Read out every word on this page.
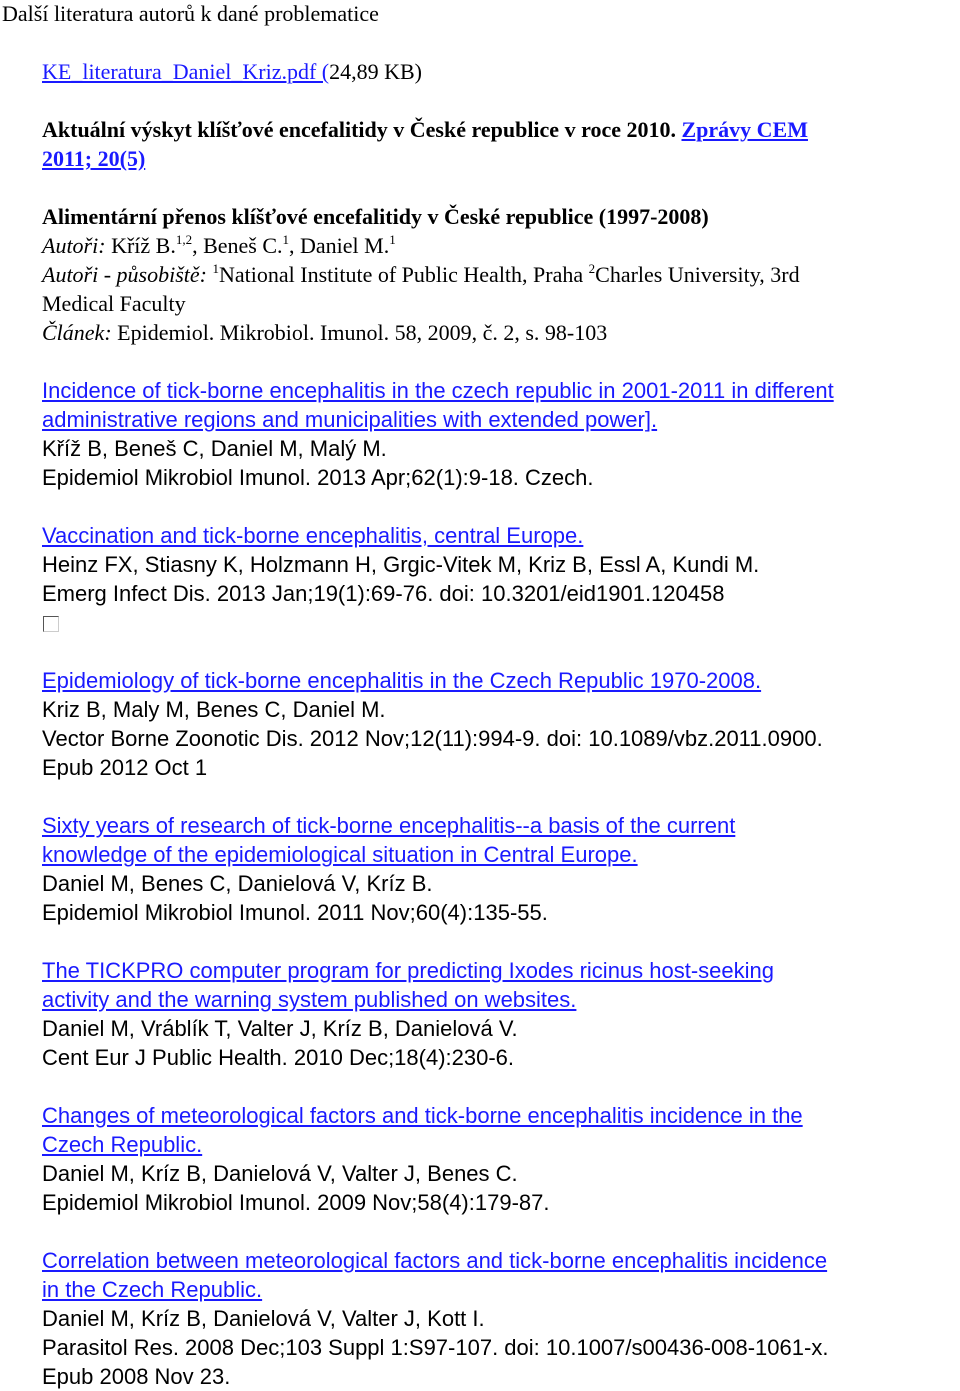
Další literatura autorů k dané problematice
KE_literatura_Daniel_Kriz.pdf (24,89 KB)
Aktuální výskyt klíšťové encefalitidy v České republice v roce 2010. Zprávy CEM
2011; 20(5)
Alimentární přenos klíšťové encefalitidy v České republice (1997-2008)
Autoři: Kříž B.$^{1,2}$, Beneš C.$^1$, Daniel M.$^1$
Autoři - působiště: $^1$National Institute of Public Health, Praha $^2$Charles University, 3rd
Medical Faculty
Článek: Epidemiol. Mikrobiol. Imunol. 58, 2009, č. 2, s. 98-103
Incidence of tick-borne encephalitis in the czech republic in 2001-2011 in different
administrative regions and municipalities with extended power].
Kříž B, Beneš C, Daniel M, Malý M.
Epidemiol Mikrobiol Imunol. 2013 Apr;62(1):9-18. Czech.
Vaccination and tick-borne encephalitis, central Europe.
Heinz FX, Stiasny K, Holzmann H, Grgic-Vitek M, Kriz B, Essl A, Kundi M.
Emerg Infect Dis. 2013 Jan;19(1):69-76. doi: 10.3201/eid1901.120458
Epidemiology of tick-borne encephalitis in the Czech Republic 1970-2008.
Kriz B, Maly M, Benes C, Daniel M.
Vector Borne Zoonotic Dis. 2012 Nov;12(11):994-9. doi: 10.1089/vbz.2011.0900.
Epub 2012 Oct 1
Sixty years of research of tick-borne encephalitis--a basis of the current
knowledge of the epidemiological situation in Central Europe.
Daniel M, Benes C, Danielová V, Kríz B.
Epidemiol Mikrobiol Imunol. 2011 Nov;60(4):135-55.
The TICKPRO computer program for predicting Ixodes ricinus host-seeking
activity and the warning system published on websites.
Daniel M, Vráblík T, Valter J, Kríz B, Danielová V.
Cent Eur J Public Health. 2010 Dec;18(4):230-6.
Changes of meteorological factors and tick-borne encephalitis incidence in the
Czech Republic.
Daniel M, Kríz B, Danielová V, Valter J, Benes C.
Epidemiol Mikrobiol Imunol. 2009 Nov;58(4):179-87.
Correlation between meteorological factors and tick-borne encephalitis incidence
in the Czech Republic.
Daniel M, Kríz B, Danielová V, Valter J, Kott I.
Parasitol Res. 2008 Dec;103 Suppl 1:S97-107. doi: 10.1007/s00436-008-1061-x.
Epub 2008 Nov 23.
